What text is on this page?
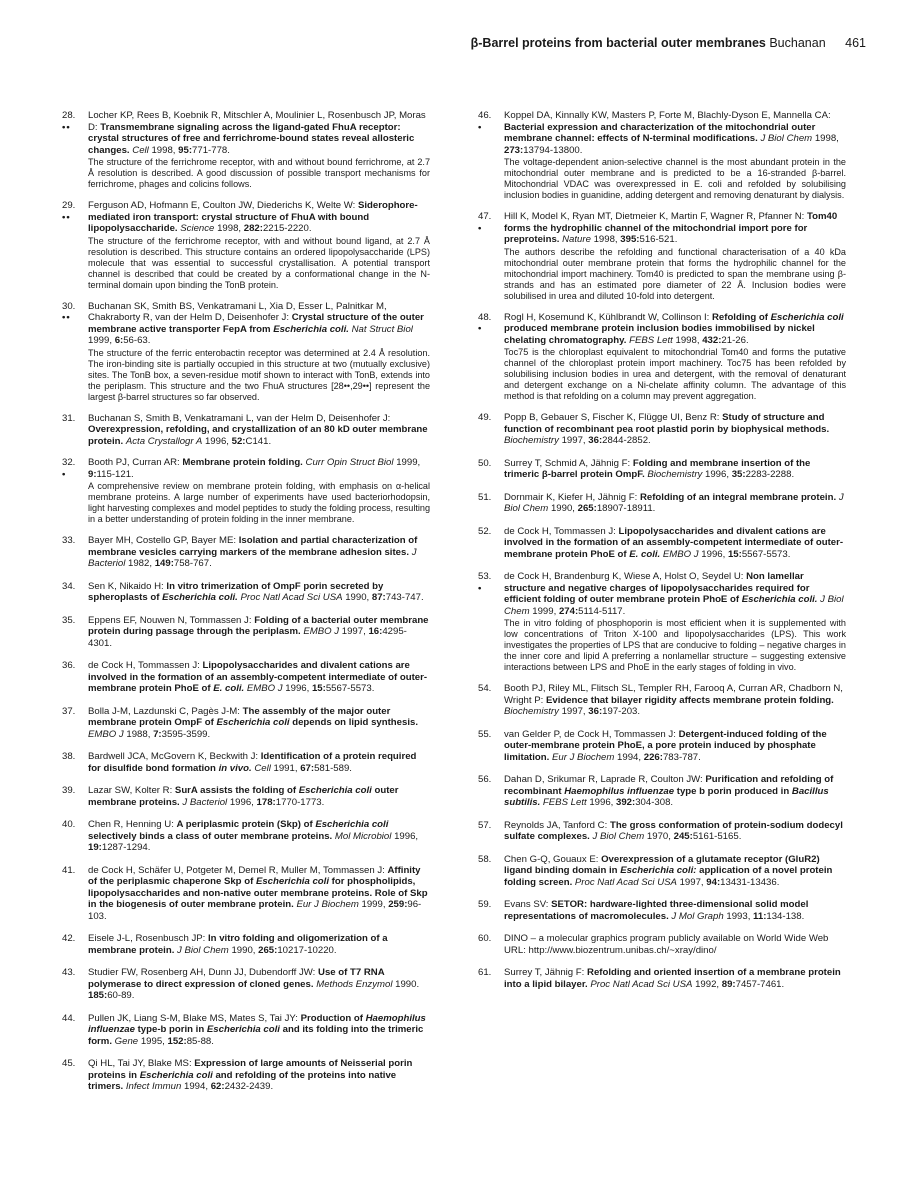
β-Barrel proteins from bacterial outer membranes Buchanan 461
28.
••
Locher KP, Rees B, Koebnik R, Mitschler A, Moulinier L, Rosenbusch JP, Moras D: Transmembrane signaling across the ligand-gated FhuA receptor: crystal structures of free and ferrichrome-bound states reveal allosteric changes. Cell 1998, 95:771-778.
The structure of the ferrichrome receptor, with and without bound ferrichrome, at 2.7 Å resolution is described. A good discussion of possible transport mechanisms for ferrichrome, phages and colicins follows.
29.
••
Ferguson AD, Hofmann E, Coulton JW, Diederichs K, Welte W: Siderophore-mediated iron transport: crystal structure of FhuA with bound lipopolysaccharide. Science 1998, 282:2215-2220.
The structure of the ferrichrome receptor, with and without bound ligand, at 2.7 Å resolution is described. This structure contains an ordered lipopolysaccharide (LPS) molecule that was essential to successful crystallisation. A potential transport channel is described that could be created by a conformational change in the N-terminal domain upon binding the TonB protein.
30.
••
Buchanan SK, Smith BS, Venkatramani L, Xia D, Esser L, Palnitkar M, Chakraborty R, van der Helm D, Deisenhofer J: Crystal structure of the outer membrane active transporter FepA from Escherichia coli. Nat Struct Biol 1999, 6:56-63.
The structure of the ferric enterobactin receptor was determined at 2.4 Å resolution. The iron-binding site is partially occupied in this structure at two (mutually exclusive) sites. The TonB box, a seven-residue motif shown to interact with TonB, extends into the periplasm. This structure and the two FhuA structures [28••,29••] represent the largest β-barrel structures so far observed.
31.	Buchanan S, Smith B, Venkatramani L, van der Helm D, Deisenhofer J: Overexpression, refolding, and crystallization of an 80 kD outer membrane protein. Acta Crystallogr A 1996, 52:C141.
32.
•
Booth PJ, Curran AR: Membrane protein folding. Curr Opin Struct Biol 1999, 9:115-121.
A comprehensive review on membrane protein folding, with emphasis on α-helical membrane proteins. A large number of experiments have used bacteriorhodopsin, light harvesting complexes and model peptides to study the folding process, resulting in a better understanding of protein folding in the inner membrane.
33.	Bayer MH, Costello GP, Bayer ME: Isolation and partial characterization of membrane vesicles carrying markers of the membrane adhesion sites. J Bacteriol 1982, 149:758-767.
34.	Sen K, Nikaido H: In vitro trimerization of OmpF porin secreted by spheroplasts of Escherichia coli. Proc Natl Acad Sci USA 1990, 87:743-747.
35.	Eppens EF, Nouwen N, Tommassen J: Folding of a bacterial outer membrane protein during passage through the periplasm. EMBO J 1997, 16:4295-4301.
36.	de Cock H, Tommassen J: Lipopolysaccharides and divalent cations are involved in the formation of an assembly-competent intermediate of outer-membrane protein PhoE of E. coli. EMBO J 1996, 15:5567-5573.
37.	Bolla J-M, Lazdunski C, Pagès J-M: The assembly of the major outer membrane protein OmpF of Escherichia coli depends on lipid synthesis. EMBO J 1988, 7:3595-3599.
38.	Bardwell JCA, McGovern K, Beckwith J: Identification of a protein required for disulfide bond formation in vivo. Cell 1991, 67:581-589.
39.	Lazar SW, Kolter R: SurA assists the folding of Escherichia coli outer membrane proteins. J Bacteriol 1996, 178:1770-1773.
40.	Chen R, Henning U: A periplasmic protein (Skp) of Escherichia coli selectively binds a class of outer membrane proteins. Mol Microbiol 1996, 19:1287-1294.
41.	de Cock H, Schäfer U, Potgeter M, Demel R, Muller M, Tommassen J: Affinity of the periplasmic chaperone Skp of Escherichia coli for phospholipids, lipopolysaccharides and non-native outer membrane proteins. Role of Skp in the biogenesis of outer membrane protein. Eur J Biochem 1999, 259:96-103.
42.	Eisele J-L, Rosenbusch JP: In vitro folding and oligomerization of a membrane protein. J Biol Chem 1990, 265:10217-10220.
43.	Studier FW, Rosenberg AH, Dunn JJ, Dubendorff JW: Use of T7 RNA polymerase to direct expression of cloned genes. Methods Enzymol 1990. 185:60-89.
44.	Pullen JK, Liang S-M, Blake MS, Mates S, Tai JY: Production of Haemophilus influenzae type-b porin in Escherichia coli and its folding into the trimeric form. Gene 1995, 152:85-88.
45.	Qi HL, Tai JY, Blake MS: Expression of large amounts of Neisserial porin proteins in Escherichia coli and refolding of the proteins into native trimers. Infect Immun 1994, 62:2432-2439.
46.
•
Koppel DA, Kinnally KW, Masters P, Forte M, Blachly-Dyson E, Mannella CA: Bacterial expression and characterization of the mitochondrial outer membrane channel: effects of N-terminal modifications. J Biol Chem 1998, 273:13794-13800.
The voltage-dependent anion-selective channel is the most abundant protein in the mitochondrial outer membrane and is predicted to be a 16-stranded β-barrel. Mitochondrial VDAC was overexpressed in E. coli and refolded by solubilising inclusion bodies in guanidine, adding detergent and removing denaturant by dialysis.
47.
•
Hill K, Model K, Ryan MT, Dietmeier K, Martin F, Wagner R, Pfanner N: Tom40 forms the hydrophilic channel of the mitochondrial import pore for preproteins. Nature 1998, 395:516-521.
The authors describe the refolding and functional characterisation of a 40 kDa mitochondrial outer membrane protein that forms the hydrophilic channel for the mitochondrial import machinery. Tom40 is predicted to span the membrane using β-strands and has an estimated pore diameter of 22 Å. Inclusion bodies were solubilised in urea and diluted 10-fold into detergent.
48.
•
Rogl H, Kosemund K, Kühlbrandt W, Collinson I: Refolding of Escherichia coli produced membrane protein inclusion bodies immobilised by nickel chelating chromatography. FEBS Lett 1998, 432:21-26.
Toc75 is the chloroplast equivalent to mitochondrial Tom40 and forms the putative channel of the chloroplast protein import machinery. Toc75 has been refolded by solubilising inclusion bodies in urea and detergent, with the removal of denaturant and detergent exchange on a Ni-chelate affinity column. The advantage of this method is that refolding on a column may prevent aggregation.
49.	Popp B, Gebauer S, Fischer K, Flügge UI, Benz R: Study of structure and function of recombinant pea root plastid porin by biophysical methods. Biochemistry 1997, 36:2844-2852.
50.	Surrey T, Schmid A, Jähnig F: Folding and membrane insertion of the trimeric β-barrel protein OmpF. Biochemistry 1996, 35:2283-2288.
51.	Dornmair K, Kiefer H, Jähnig F: Refolding of an integral membrane protein. J Biol Chem 1990, 265:18907-18911.
52.	de Cock H, Tommassen J: Lipopolysaccharides and divalent cations are involved in the formation of an assembly-competent intermediate of outer-membrane protein PhoE of E. coli. EMBO J 1996, 15:5567-5573.
53.
•
de Cock H, Brandenburg K, Wiese A, Holst O, Seydel U: Non lamellar structure and negative charges of lipopolysaccharides required for efficient folding of outer membrane protein PhoE of Escherichia coli. J Biol Chem 1999, 274:5114-5117.
The in vitro folding of phosphoporin is most efficient when it is supplemented with low concentrations of Triton X-100 and lipopolysaccharides (LPS). This work investigates the properties of LPS that are conducive to folding – negative charges in the inner core and lipid A preferring a nonlamellar structure – suggesting extensive interactions between LPS and PhoE in the early stages of folding in vivo.
54.	Booth PJ, Riley ML, Flitsch SL, Templer RH, Farooq A, Curran AR, Chadborn N, Wright P: Evidence that bilayer rigidity affects membrane protein folding. Biochemistry 1997, 36:197-203.
55.	van Gelder P, de Cock H, Tommassen J: Detergent-induced folding of the outer-membrane protein PhoE, a pore protein induced by phosphate limitation. Eur J Biochem 1994, 226:783-787.
56.	Dahan D, Srikumar R, Laprade R, Coulton JW: Purification and refolding of recombinant Haemophilus influenzae type b porin produced in Bacillus subtilis. FEBS Lett 1996, 392:304-308.
57.	Reynolds JA, Tanford C: The gross conformation of protein-sodium dodecyl sulfate complexes. J Biol Chem 1970, 245:5161-5165.
58.	Chen G-Q, Gouaux E: Overexpression of a glutamate receptor (GluR2) ligand binding domain in Escherichia coli: application of a novel protein folding screen. Proc Natl Acad Sci USA 1997, 94:13431-13436.
59.	Evans SV: SETOR: hardware-lighted three-dimensional solid model representations of macromolecules. J Mol Graph 1993, 11:134-138.
60.	DINO – a molecular graphics program publicly available on World Wide Web URL: http://www.biozentrum.unibas.ch/~xray/dino/
61.	Surrey T, Jähnig F: Refolding and oriented insertion of a membrane protein into a lipid bilayer. Proc Natl Acad Sci USA 1992, 89:7457-7461.
